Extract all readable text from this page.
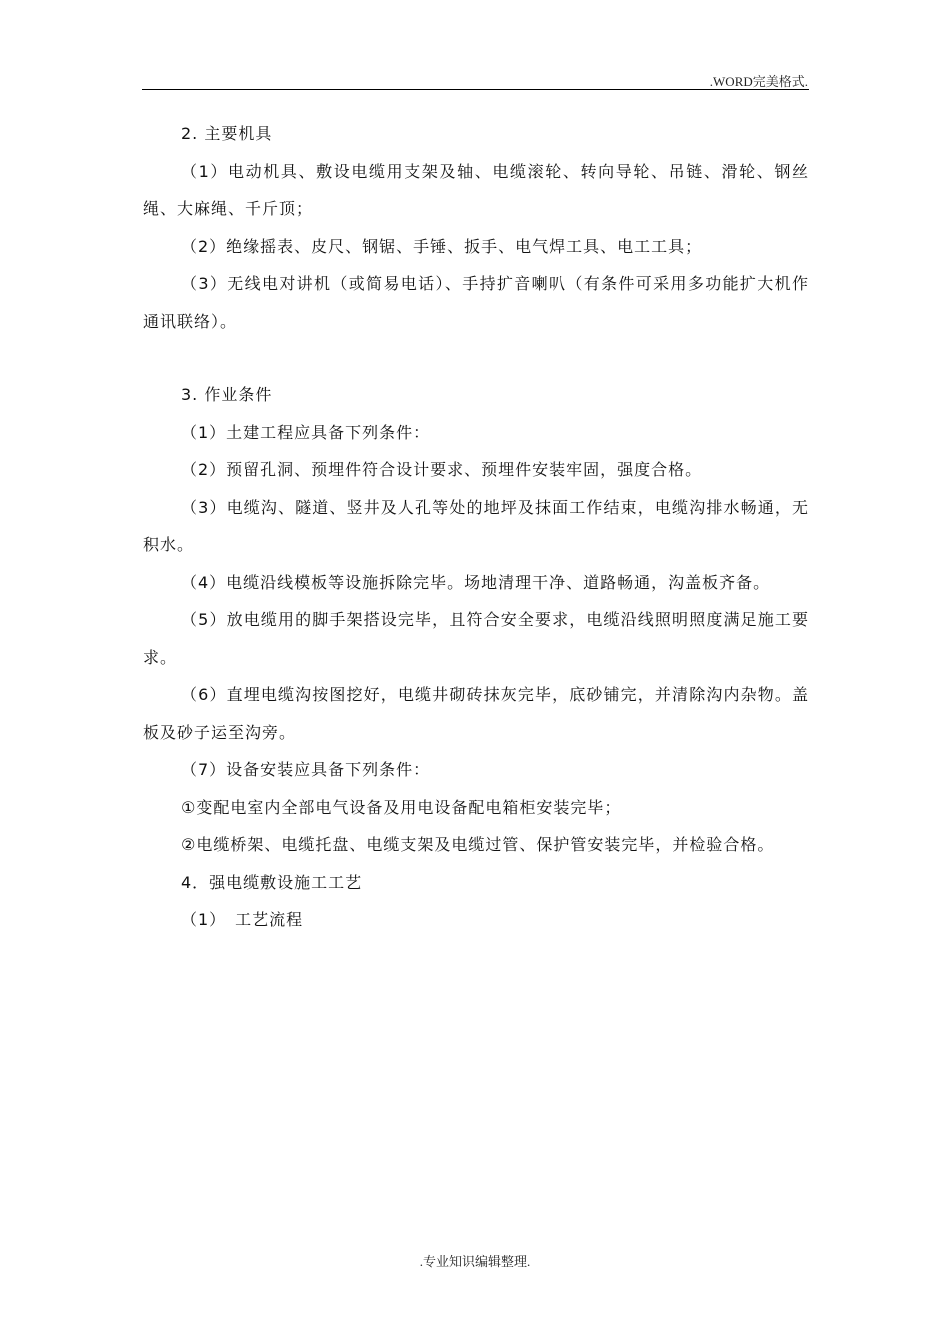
.WORD完美格式.

2. 主要机具

（1）电动机具、敷设电缆用支架及轴、电缆滚轮、转向导轮、吊链、滑轮、钢丝绳、大麻绳、千斤顶；

（2）绝缘摇表、皮尺、钢锯、手锤、扳手、电气焊工具、电工工具；

（3）无线电对讲机（或简易电话）、手持扩音喇叭（有条件可采用多功能扩大机作通讯联络）。

3. 作业条件

（1）土建工程应具备下列条件：

（2）预留孔洞、预埋件符合设计要求、预埋件安装牢固，强度合格。

（3）电缆沟、隧道、竖井及人孔等处的地坪及抹面工作结束，电缆沟排水畅通，无积水。

（4）电缆沿线模板等设施拆除完毕。场地清理干净、道路畅通，沟盖板齐备。

（5）放电缆用的脚手架搭设完毕，且符合安全要求，电缆沿线照明照度满足施工要求。

（6）直埋电缆沟按图挖好，电缆井砌砖抹灰完毕，底砂铺完，并清除沟内杂物。盖板及砂子运至沟旁。

（7）设备安装应具备下列条件：

①变配电室内全部电气设备及用电设备配电箱柜安装完毕；

②电缆桥架、电缆托盘、电缆支架及电缆过管、保护管安装完毕，并检验合格。

4．强电缆敷设施工工艺

（1）　工艺流程

.专业知识编辑整理.
